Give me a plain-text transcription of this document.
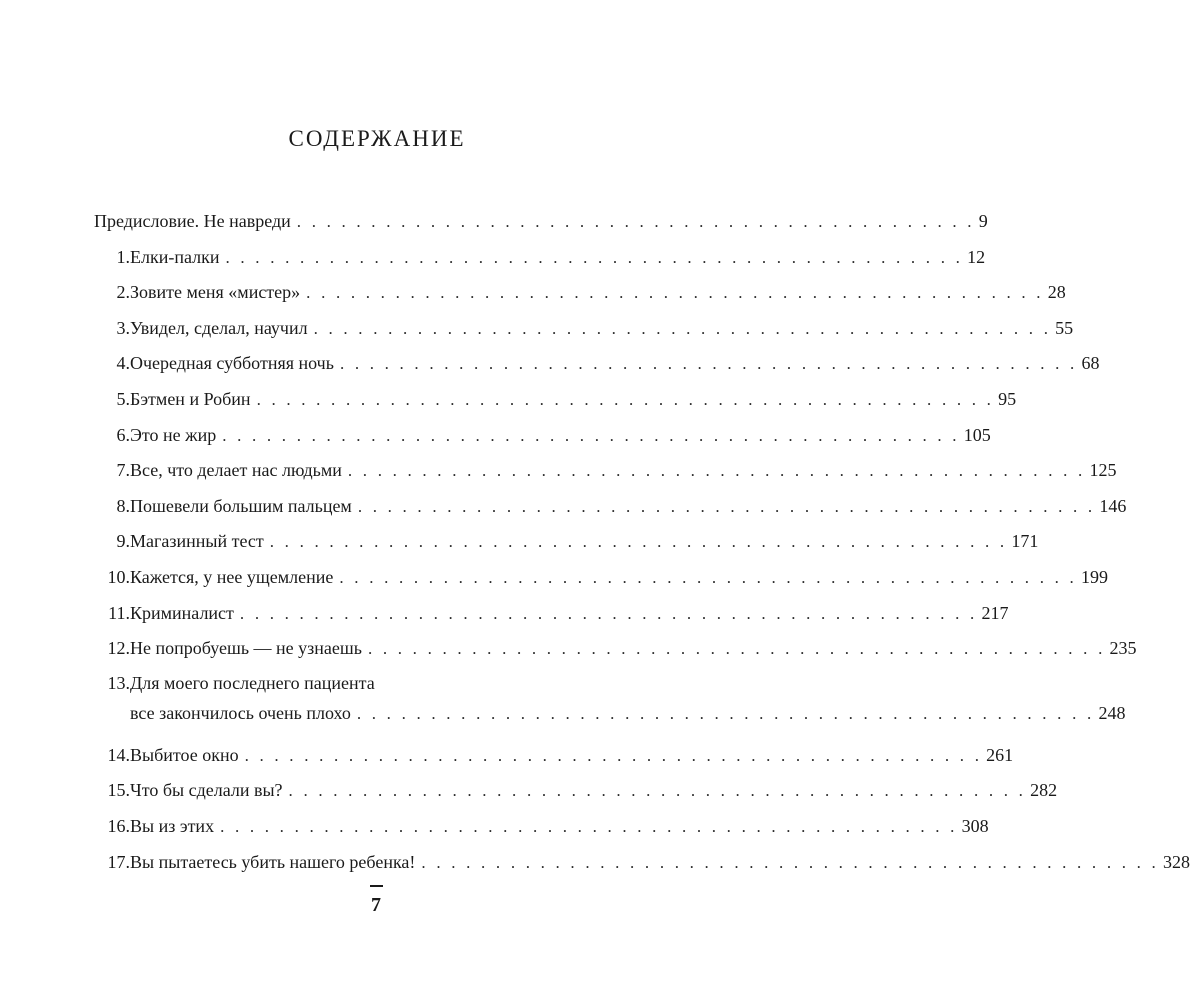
СОДЕРЖАНИЕ
Предисловие. Не навреди . . . . . . . . . . . . . . . . . . . . . . . . . . . . . . . . . . . . . . . . . . . . . . 9
1. Елки-палки . . . . . . . . . . . . . . . . . . . . . . . . . . . . . . . . . . . . . . . . . . . . . . . . . . 12
2. Зовите меня «мистер» . . . . . . . . . . . . . . . . . . . . . . . . . . . . . . . . . . . . . . . . . . . . . . . . . . 28
3. Увидел, сделал, научил . . . . . . . . . . . . . . . . . . . . . . . . . . . . . . . . . . . . . . . . . . . . . . . . . . 55
4. Очередная субботняя ночь . . . . . . . . . . . . . . . . . . . . . . . . . . . . . . . . . . . . . . . . . . . . . . . . . . 68
5. Бэтмен и Робин . . . . . . . . . . . . . . . . . . . . . . . . . . . . . . . . . . . . . . . . . . . . . . . . . . 95
6. Это не жир . . . . . . . . . . . . . . . . . . . . . . . . . . . . . . . . . . . . . . . . . . . . . . . . . . 105
7. Все, что делает нас людьми . . . . . . . . . . . . . . . . . . . . . . . . . . . . . . . . . . . . . . . . . . . . . . . . . . 125
8. Пошевели большим пальцем . . . . . . . . . . . . . . . . . . . . . . . . . . . . . . . . . . . . . . . . . . . . . . . . . . 146
9. Магазинный тест . . . . . . . . . . . . . . . . . . . . . . . . . . . . . . . . . . . . . . . . . . . . . . . . . . 171
10. Кажется, у нее ущемление . . . . . . . . . . . . . . . . . . . . . . . . . . . . . . . . . . . . . . . . . . . . . . . . . . 199
11. Криминалист . . . . . . . . . . . . . . . . . . . . . . . . . . . . . . . . . . . . . . . . . . . . . . . . . . 217
12. Не попробуешь — не узнаешь . . . . . . . . . . . . . . . . . . . . . . . . . . . . . . . . . . . . . . . . . . . . . . . . . . 235
13. Для моего последнего пациента
все закончилось очень плохо . . . . . . . . . . . . . . . . . . . . . . . . . . . . . . . . . . . . . . . . . . . . . . . . . . 248
14. Выбитое окно . . . . . . . . . . . . . . . . . . . . . . . . . . . . . . . . . . . . . . . . . . . . . . . . . . 261
15. Что бы сделали вы? . . . . . . . . . . . . . . . . . . . . . . . . . . . . . . . . . . . . . . . . . . . . . . . . . . 282
16. Вы из этих . . . . . . . . . . . . . . . . . . . . . . . . . . . . . . . . . . . . . . . . . . . . . . . . . . 308
17. Вы пытаетесь убить нашего ребенка! . . . . . . . . . . . . . . . . . . . . . . . . . . . . . . . . . . . . . . . . . . . . . . . . . . 328
7
